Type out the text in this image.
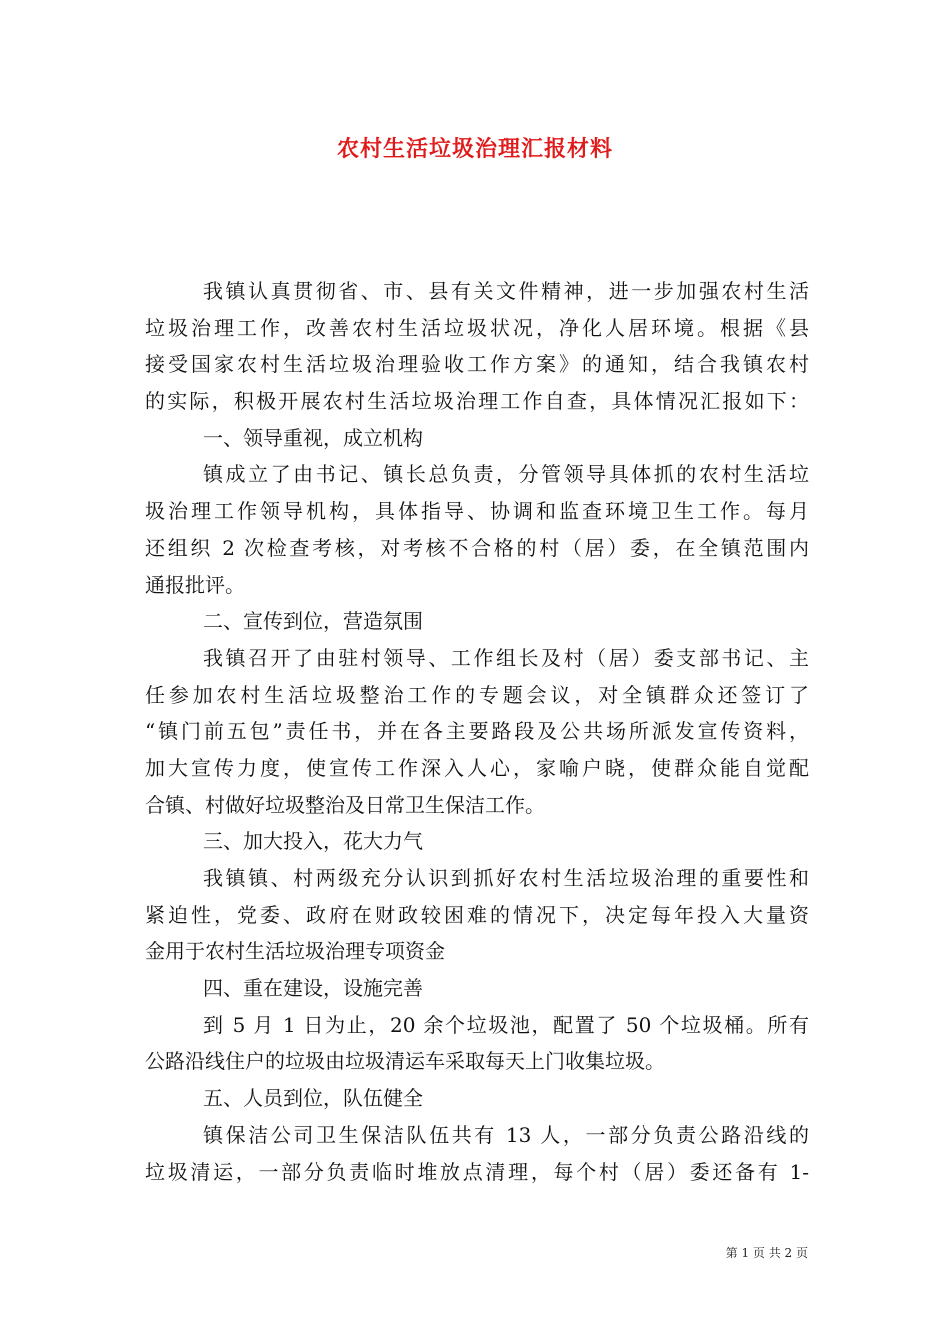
农村生活垃圾治理汇报材料
我镇认真贯彻省、市、县有关文件精神，进一步加强农村生活
垃圾治理工作，改善农村生活垃圾状况，净化人居环境。根据《县
接受国家农村生活垃圾治理验收工作方案》的通知，结合我镇农村
的实际，积极开展农村生活垃圾治理工作自查，具体情况汇报如下：
一、领导重视，成立机构
镇成立了由书记、镇长总负责，分管领导具体抓的农村生活垃
圾治理工作领导机构，具体指导、协调和监查环境卫生工作。每月
还组织 2 次检查考核，对考核不合格的村（居）委，在全镇范围内
通报批评。
二、宣传到位，营造氛围
我镇召开了由驻村领导、工作组长及村（居）委支部书记、主
任参加农村生活垃圾整治工作的专题会议，对全镇群众还签订了
“镇门前五包”责任书，并在各主要路段及公共场所派发宣传资料，
加大宣传力度，使宣传工作深入人心，家喻户晓，使群众能自觉配
合镇、村做好垃圾整治及日常卫生保洁工作。
三、加大投入，花大力气
我镇镇、村两级充分认识到抓好农村生活垃圾治理的重要性和
紧迫性，党委、政府在财政较困难的情况下，决定每年投入大量资
金用于农村生活垃圾治理专项资金
四、重在建设，设施完善
到 5 月 1 日为止，20 余个垃圾池，配置了 50 个垃圾桶。所有
公路沿线住户的垃圾由垃圾清运车采取每天上门收集垃圾。
五、人员到位，队伍健全
镇保洁公司卫生保洁队伍共有 13 人，一部分负责公路沿线的
垃圾清运，一部分负责临时堆放点清理，每个村（居）委还备有 1-
第 1 页 共 2 页
